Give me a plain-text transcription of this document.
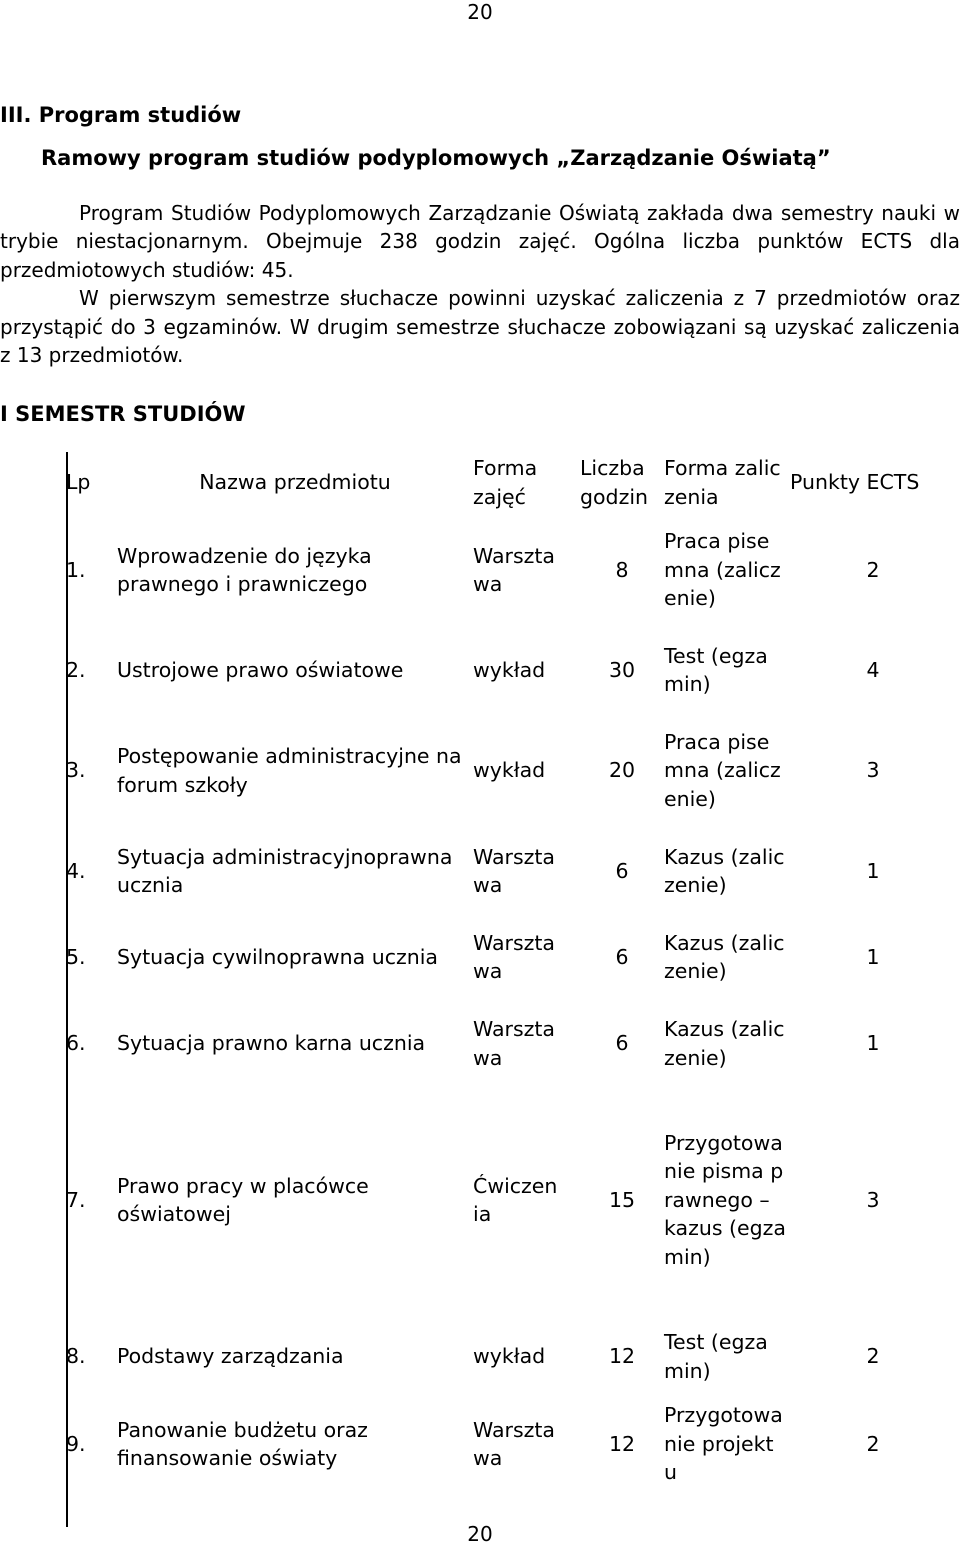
20
III. Program studiów
Ramowy program studiów podyplomowych „Zarządzanie Oświatą”

Program Studiów Podyplomowych Zarządzanie Oświatą zakłada dwa semestry nauki w trybie niestacjonarnym. Obejmuje 238 godzin zajęć. Ogólna liczba punktów ECTS dla przedmiotowych studiów: 45.

W pierwszym semestrze słuchacze powinni uzyskać zaliczenia z 7 przedmiotów oraz przystąpić do 3 egzaminów. W drugim semestrze słuchacze zobowiązani są uzyskać zaliczenia z 13 przedmiotów.

I SEMESTR STUDIÓW
Lp	Nazwa przedmiotu	Forma zajęć	Liczba godzin	Forma zaliczenia	Punkty ECTS
1.	Wprowadzenie do języka prawnego i prawniczego	Warsztawa	8	Praca pisemna (zaliczenie)	2
2.	Ustrojowe prawo oświatowe	wykład	30	Test (egzamin)	4
3.	Postępowanie administracyjne na forum szkoły	wykład	20	Praca pisemna (zaliczenie)	3
4.	Sytuacja administracyjnoprawna ucznia	Warsztawa	6	Kazus (zaliczenie)	1
5.	Sytuacja cywilnoprawna ucznia	Warsztawa	6	Kazus (zaliczenie)	1
6.	Sytuacja prawno karna ucznia	Warsztawa	6	Kazus (zaliczenie)	1
7.	Prawo pracy w placówce oświatowej	Ćwiczenia	15	Przygotowanie pisma prawnego – kazus (egzamin)	3
8.	Podstawy zarządzania	wykład	12	Test (egzamin)	2
9.	Panowanie budżetu oraz finansowanie oświaty	Warsztawa	12	Przygotowanie projektu	2
20
